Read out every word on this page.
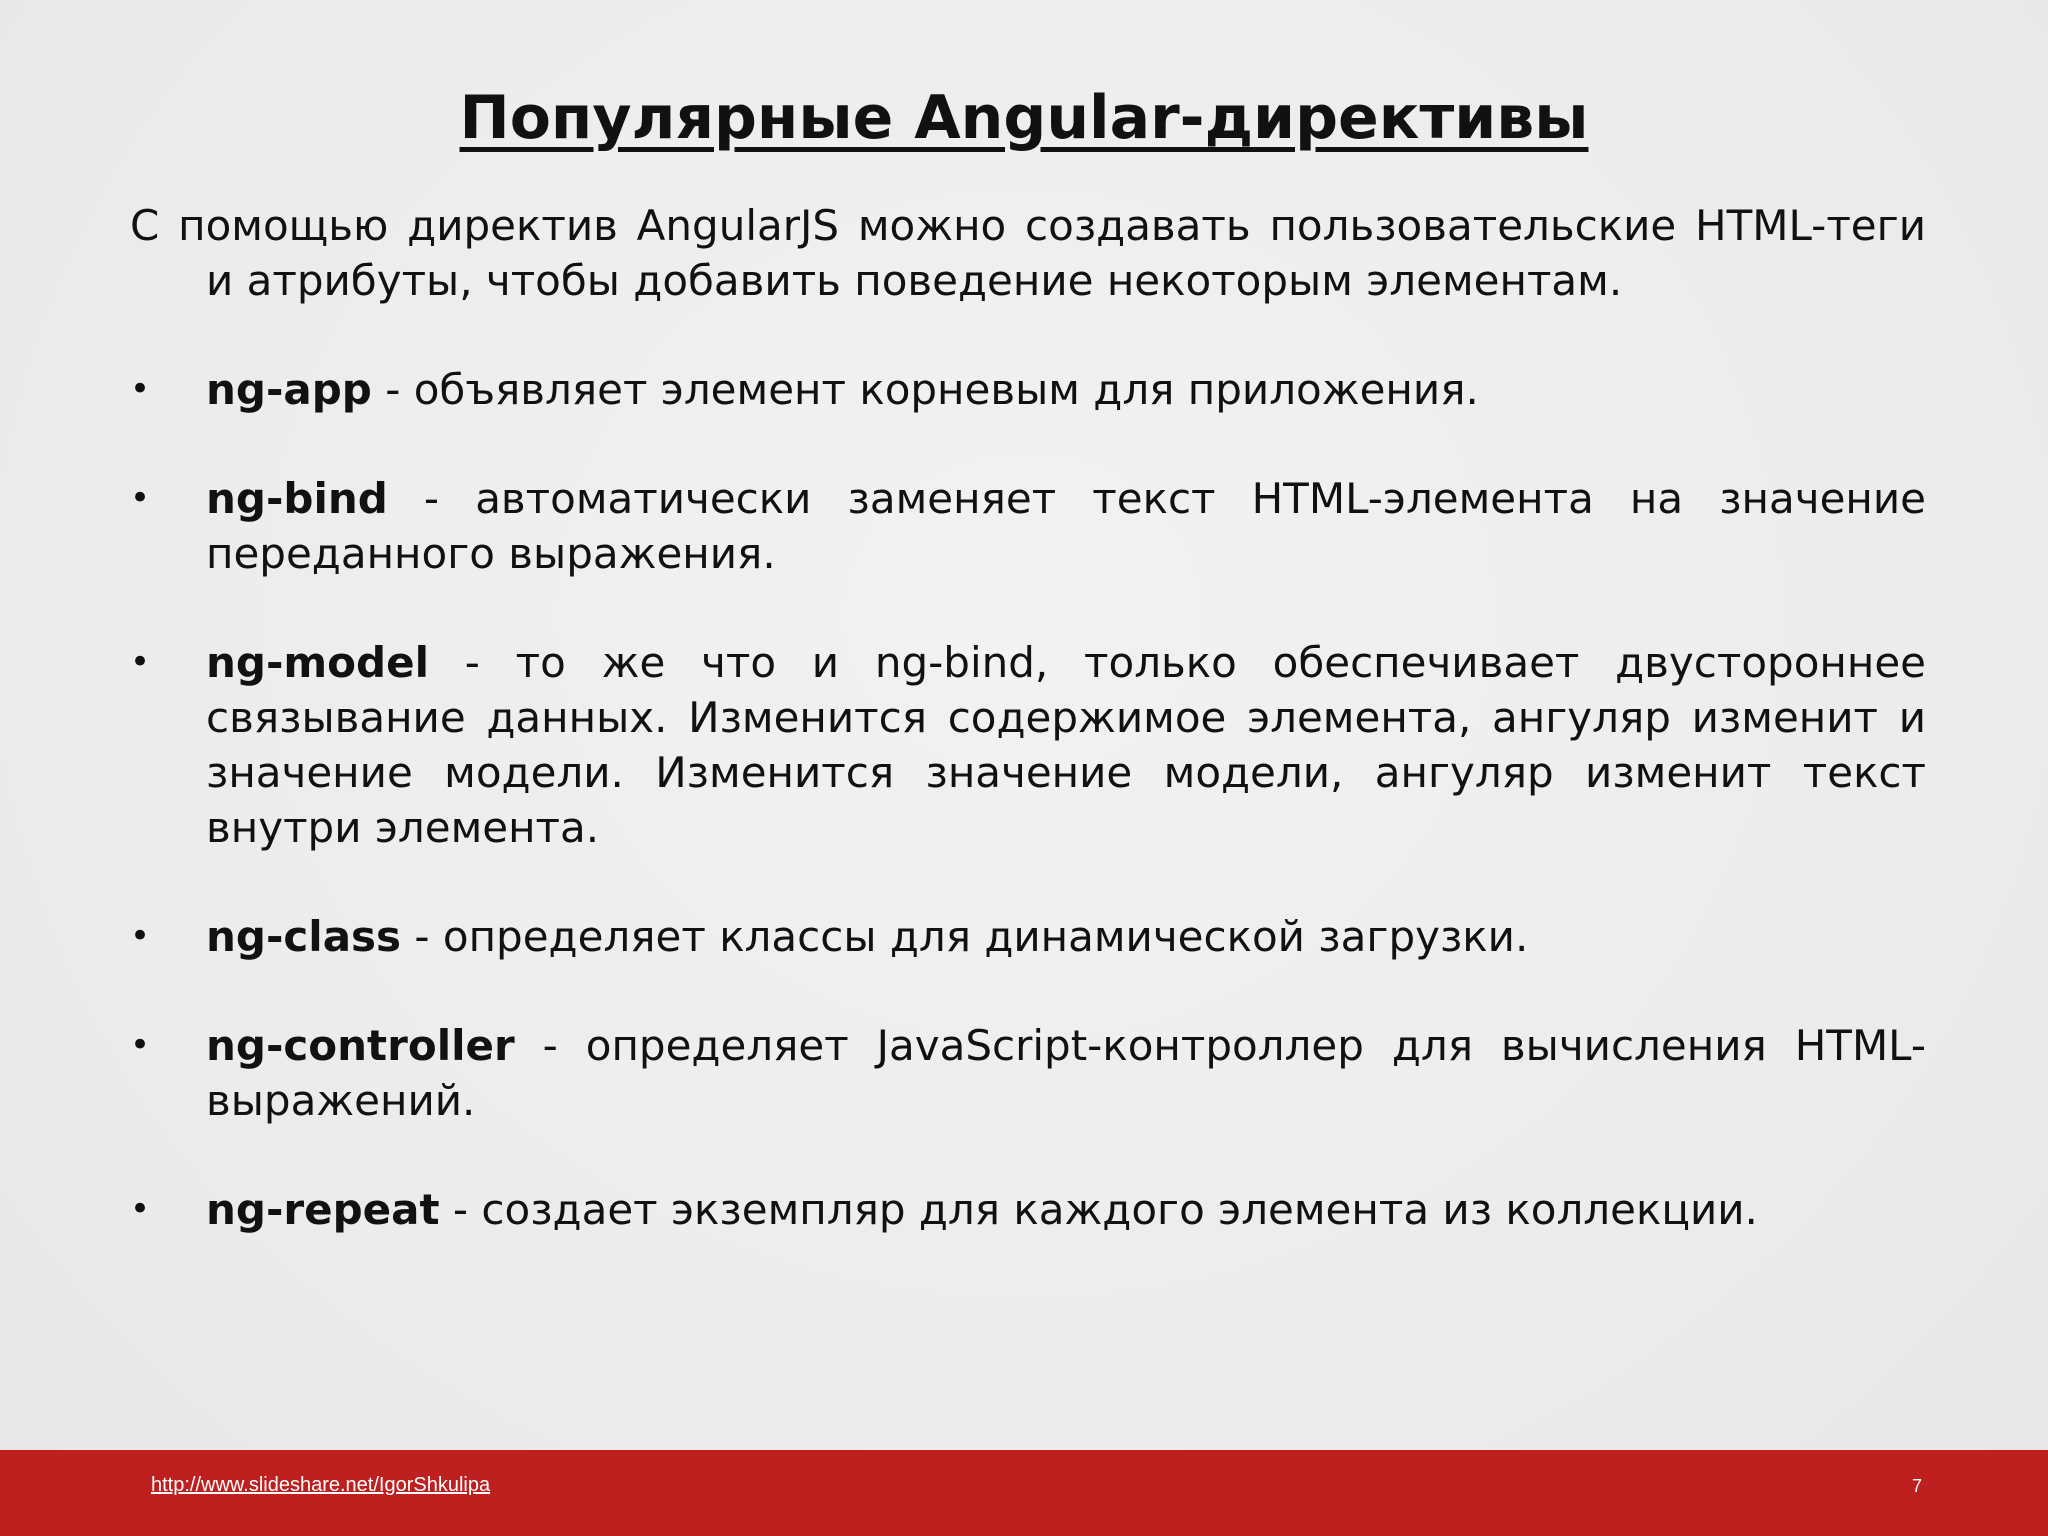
Популярные Angular-директивы

С помощью директив AngularJS можно создавать пользовательские HTML-теги и атрибуты, чтобы добавить поведение некоторым элементам.

• ng-app - объявляет элемент корневым для приложения.
• ng-bind - автоматически заменяет текст HTML-элемента на значение переданного выражения.
• ng-model - то же что и ng-bind, только обеспечивает двустороннее связывание данных. Изменится содержимое элемента, ангуляр изменит и значение модели. Изменится значение модели, ангуляр изменит текст внутри элемента.
• ng-class - определяет классы для динамической загрузки.
• ng-controller - определяет JavaScript-контроллер для вычисления HTML-выражений.
• ng-repeat - создает экземпляр для каждого элемента из коллекции.
http://www.slideshare.net/IgorShkulipa	7
